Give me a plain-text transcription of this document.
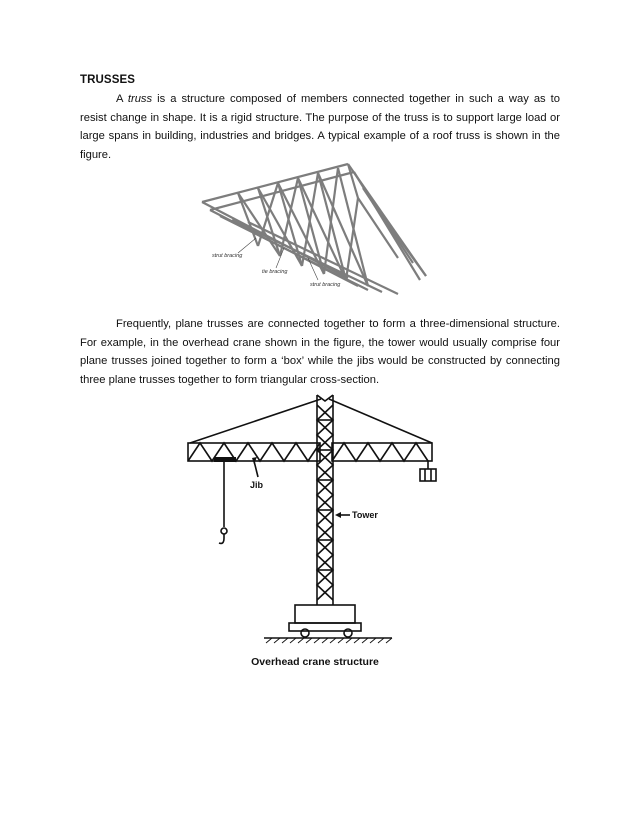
TRUSSES

A truss is a structure composed of members connected together in such a way as to resist change in shape. It is a rigid structure. The purpose of the truss is to support large load or large spans in building, industries and bridges. A typical example of a roof truss is shown in the figure.

strut bracing
tie bracing
strut bracing

Frequently, plane trusses are connected together to form a three-dimensional structure. For example, in the overhead crane shown in the figure, the tower would usually comprise four plane trusses joined together to form a ‘box’ while the jibs would be constructed by connecting three plane trusses together to form triangular cross-section.

Jib
Tower
Overhead crane structure
